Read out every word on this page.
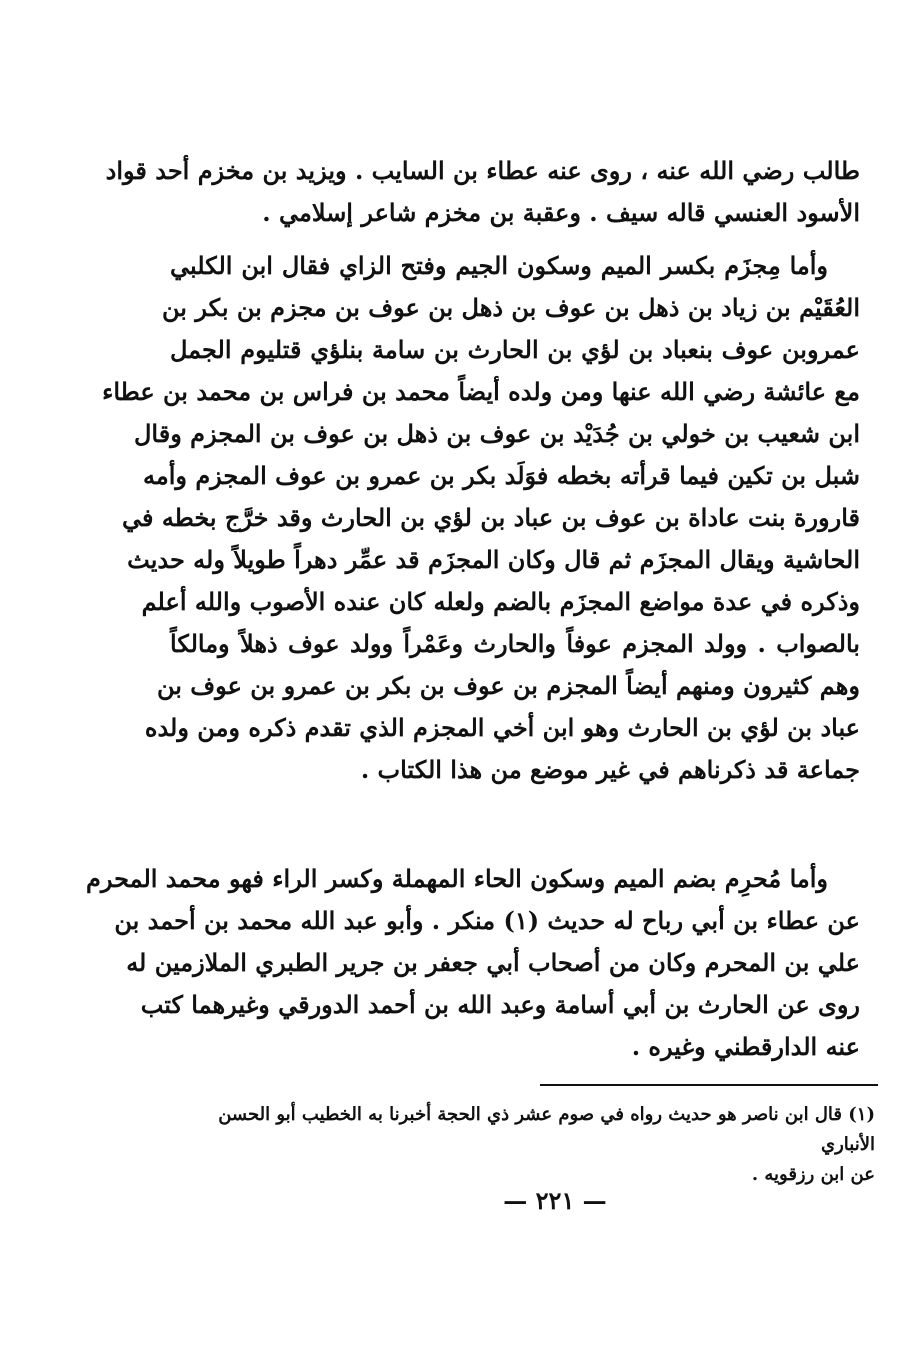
طالب رضي الله عنه ، روى عنه عطاء بن السايب . ويزيد بن مخزم أحد قواد
الأسود العنسي قاله سيف . وعقبة بن مخزم شاعر إسلامي .
وأما مِجزَم بكسر الميم وسكون الجيم وفتح الزاي فقال ابن الكلبي
العُقَيْم بن زياد بن ذهل بن عوف بن ذهل بن عوف بن مجزم بن بكر بن
عمروبن عوف بنعباد بن لؤي بن الحارث بن سامة بنلؤي قتليوم الجمل
مع عائشة رضي الله عنها ومن ولده أيضاً محمد بن فراس بن محمد بن عطاء
ابن شعيب بن خولي بن جُدَيْد بن عوف بن ذهل بن عوف بن المجزم وقال
شبل بن تكين فيما قرأته بخطه فوَلَد بكر بن عمرو بن عوف المجزم وأمه
قارورة بنت عاداة بن عوف بن عباد بن لؤي بن الحارث وقد خرَّج بخطه في
الحاشية ويقال المجزَم ثم قال وكان المجزَم قد عمِّر دهراً طويلاً وله حديث
وذكره في عدة مواضع المجزَم بالضم ولعله كان عنده الأصوب والله أعلم
بالصواب . وولد المجزم عوفاً والحارث وعَمْراً وولد عوف ذهلاً ومالكاً
وهم كثيرون ومنهم أيضاً المجزم بن عوف بن بكر بن عمرو بن عوف بن
عباد بن لؤي بن الحارث وهو ابن أخي المجزم الذي تقدم ذكره ومن ولده
جماعة قد ذكرناهم في غير موضع من هذا الكتاب .
وأما مُحرِم بضم الميم وسكون الحاء المهملة وكسر الراء فهو محمد المحرم
عن عطاء بن أبي رباح له حديث (١) منكر . وأبو عبد الله محمد بن أحمد بن
علي بن المحرم وكان من أصحاب أبي جعفر بن جرير الطبري الملازمين له
روى عن الحارث بن أبي أسامة وعبد الله بن أحمد الدورقي وغيرهما كتب
عنه الدارقطني وغيره .
(١) قال ابن ناصر هو حديث رواه في صوم عشر ذي الحجة أخبرنا به الخطيب أبو الحسن الأنباري
عن ابن رزقويه .
— ٢٢١ —
